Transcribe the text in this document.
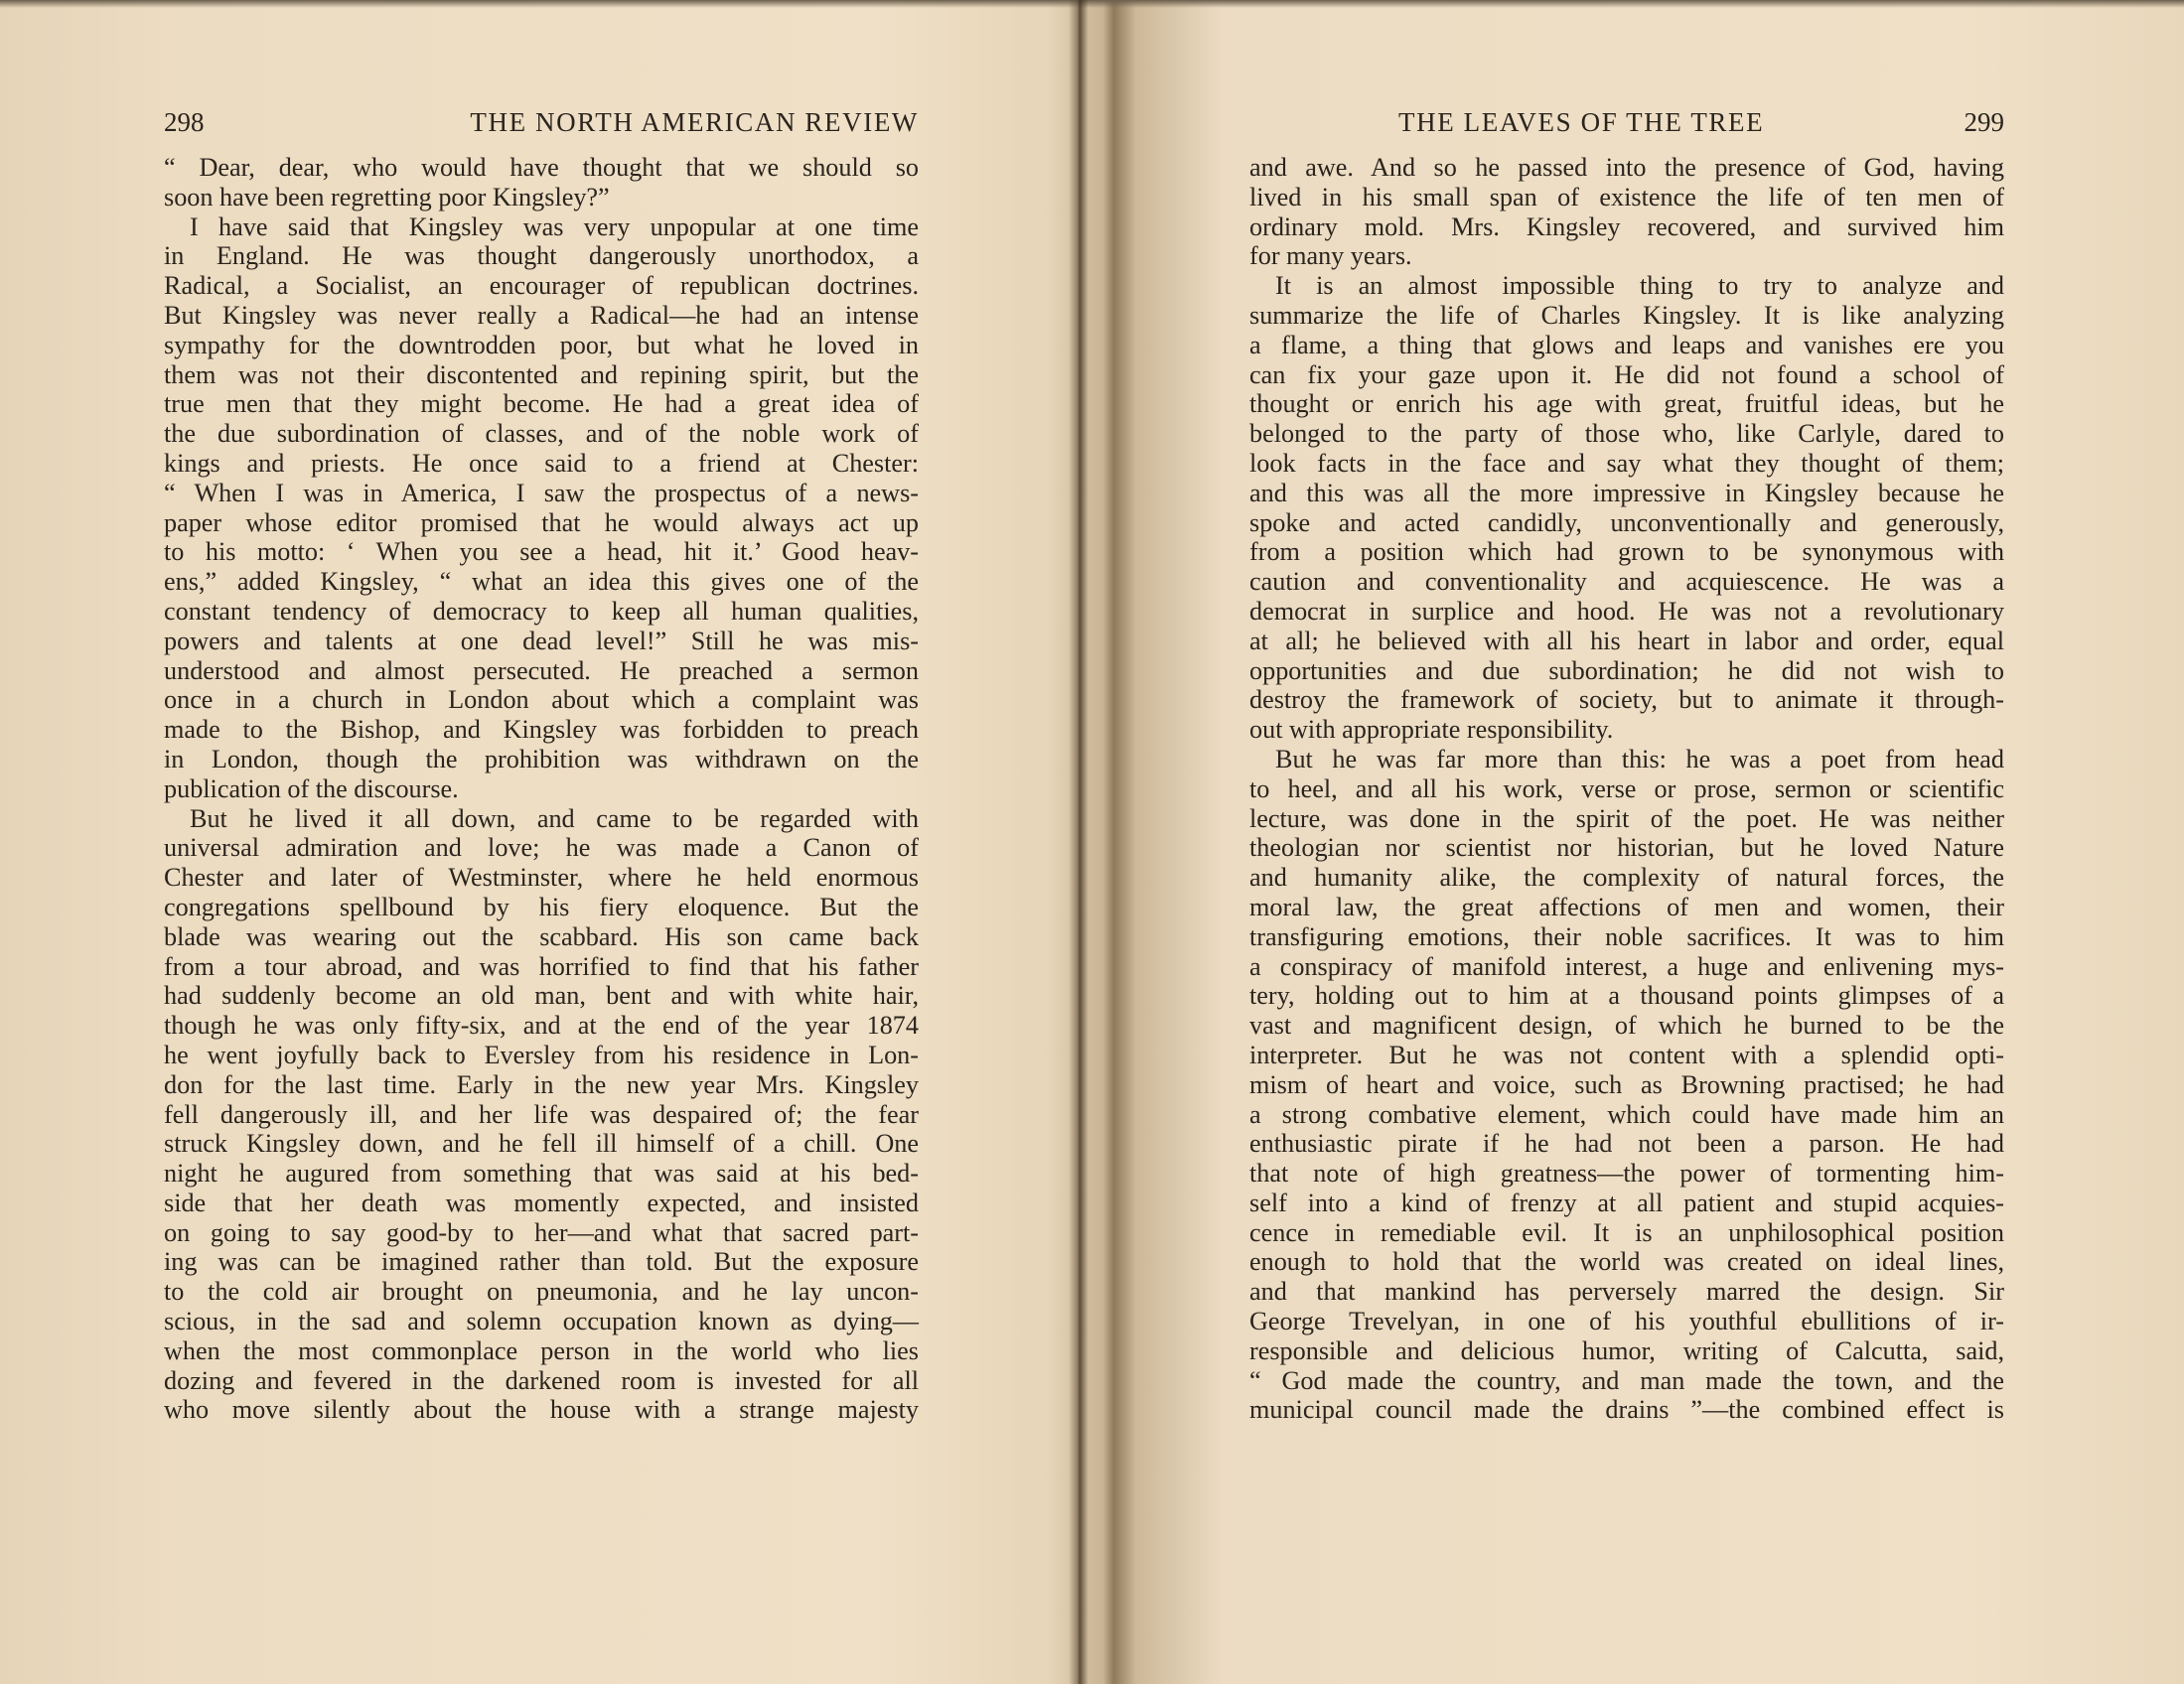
298	THE NORTH AMERICAN REVIEW
“ Dear, dear, who would have thought that we should so
soon have been regretting poor Kingsley?”
I have said that Kingsley was very unpopular at one time
in England. He was thought dangerously unorthodox, a
Radical, a Socialist, an encourager of republican doctrines.
But Kingsley was never really a Radical—he had an intense
sympathy for the downtrodden poor, but what he loved in
them was not their discontented and repining spirit, but the
true men that they might become. He had a great idea of
the due subordination of classes, and of the noble work of
kings and priests. He once said to a friend at Chester:
“ When I was in America, I saw the prospectus of a news-
paper whose editor promised that he would always act up
to his motto: ‘ When you see a head, hit it.’ Good heav-
ens,” added Kingsley, “ what an idea this gives one of the
constant tendency of democracy to keep all human qualities,
powers and talents at one dead level!” Still he was mis-
understood and almost persecuted. He preached a sermon
once in a church in London about which a complaint was
made to the Bishop, and Kingsley was forbidden to preach
in London, though the prohibition was withdrawn on the
publication of the discourse.
But he lived it all down, and came to be regarded with
universal admiration and love; he was made a Canon of
Chester and later of Westminster, where he held enormous
congregations spellbound by his fiery eloquence. But the
blade was wearing out the scabbard. His son came back
from a tour abroad, and was horrified to find that his father
had suddenly become an old man, bent and with white hair,
though he was only fifty-six, and at the end of the year 1874
he went joyfully back to Eversley from his residence in Lon-
don for the last time. Early in the new year Mrs. Kingsley
fell dangerously ill, and her life was despaired of; the fear
struck Kingsley down, and he fell ill himself of a chill. One
night he augured from something that was said at his bed-
side that her death was momently expected, and insisted
on going to say good-by to her—and what that sacred part-
ing was can be imagined rather than told. But the exposure
to the cold air brought on pneumonia, and he lay uncon-
scious, in the sad and solemn occupation known as dying—
when the most commonplace person in the world who lies
dozing and fevered in the darkened room is invested for all
who move silently about the house with a strange majesty
THE LEAVES OF THE TREE	299
and awe. And so he passed into the presence of God, having
lived in his small span of existence the life of ten men of
ordinary mold. Mrs. Kingsley recovered, and survived him
for many years.
It is an almost impossible thing to try to analyze and
summarize the life of Charles Kingsley. It is like analyzing
a flame, a thing that glows and leaps and vanishes ere you
can fix your gaze upon it. He did not found a school of
thought or enrich his age with great, fruitful ideas, but he
belonged to the party of those who, like Carlyle, dared to
look facts in the face and say what they thought of them;
and this was all the more impressive in Kingsley because he
spoke and acted candidly, unconventionally and generously,
from a position which had grown to be synonymous with
caution and conventionality and acquiescence. He was a
democrat in surplice and hood. He was not a revolutionary
at all; he believed with all his heart in labor and order, equal
opportunities and due subordination; he did not wish to
destroy the framework of society, but to animate it through-
out with appropriate responsibility.
But he was far more than this: he was a poet from head
to heel, and all his work, verse or prose, sermon or scientific
lecture, was done in the spirit of the poet. He was neither
theologian nor scientist nor historian, but he loved Nature
and humanity alike, the complexity of natural forces, the
moral law, the great affections of men and women, their
transfiguring emotions, their noble sacrifices. It was to him
a conspiracy of manifold interest, a huge and enlivening mys-
tery, holding out to him at a thousand points glimpses of a
vast and magnificent design, of which he burned to be the
interpreter. But he was not content with a splendid opti-
mism of heart and voice, such as Browning practised; he had
a strong combative element, which could have made him an
enthusiastic pirate if he had not been a parson. He had
that note of high greatness—the power of tormenting him-
self into a kind of frenzy at all patient and stupid acquies-
cence in remediable evil. It is an unphilosophical position
enough to hold that the world was created on ideal lines,
and that mankind has perversely marred the design. Sir
George Trevelyan, in one of his youthful ebullitions of ir-
responsible and delicious humor, writing of Calcutta, said,
“ God made the country, and man made the town, and the
municipal council made the drains ”—the combined effect is
